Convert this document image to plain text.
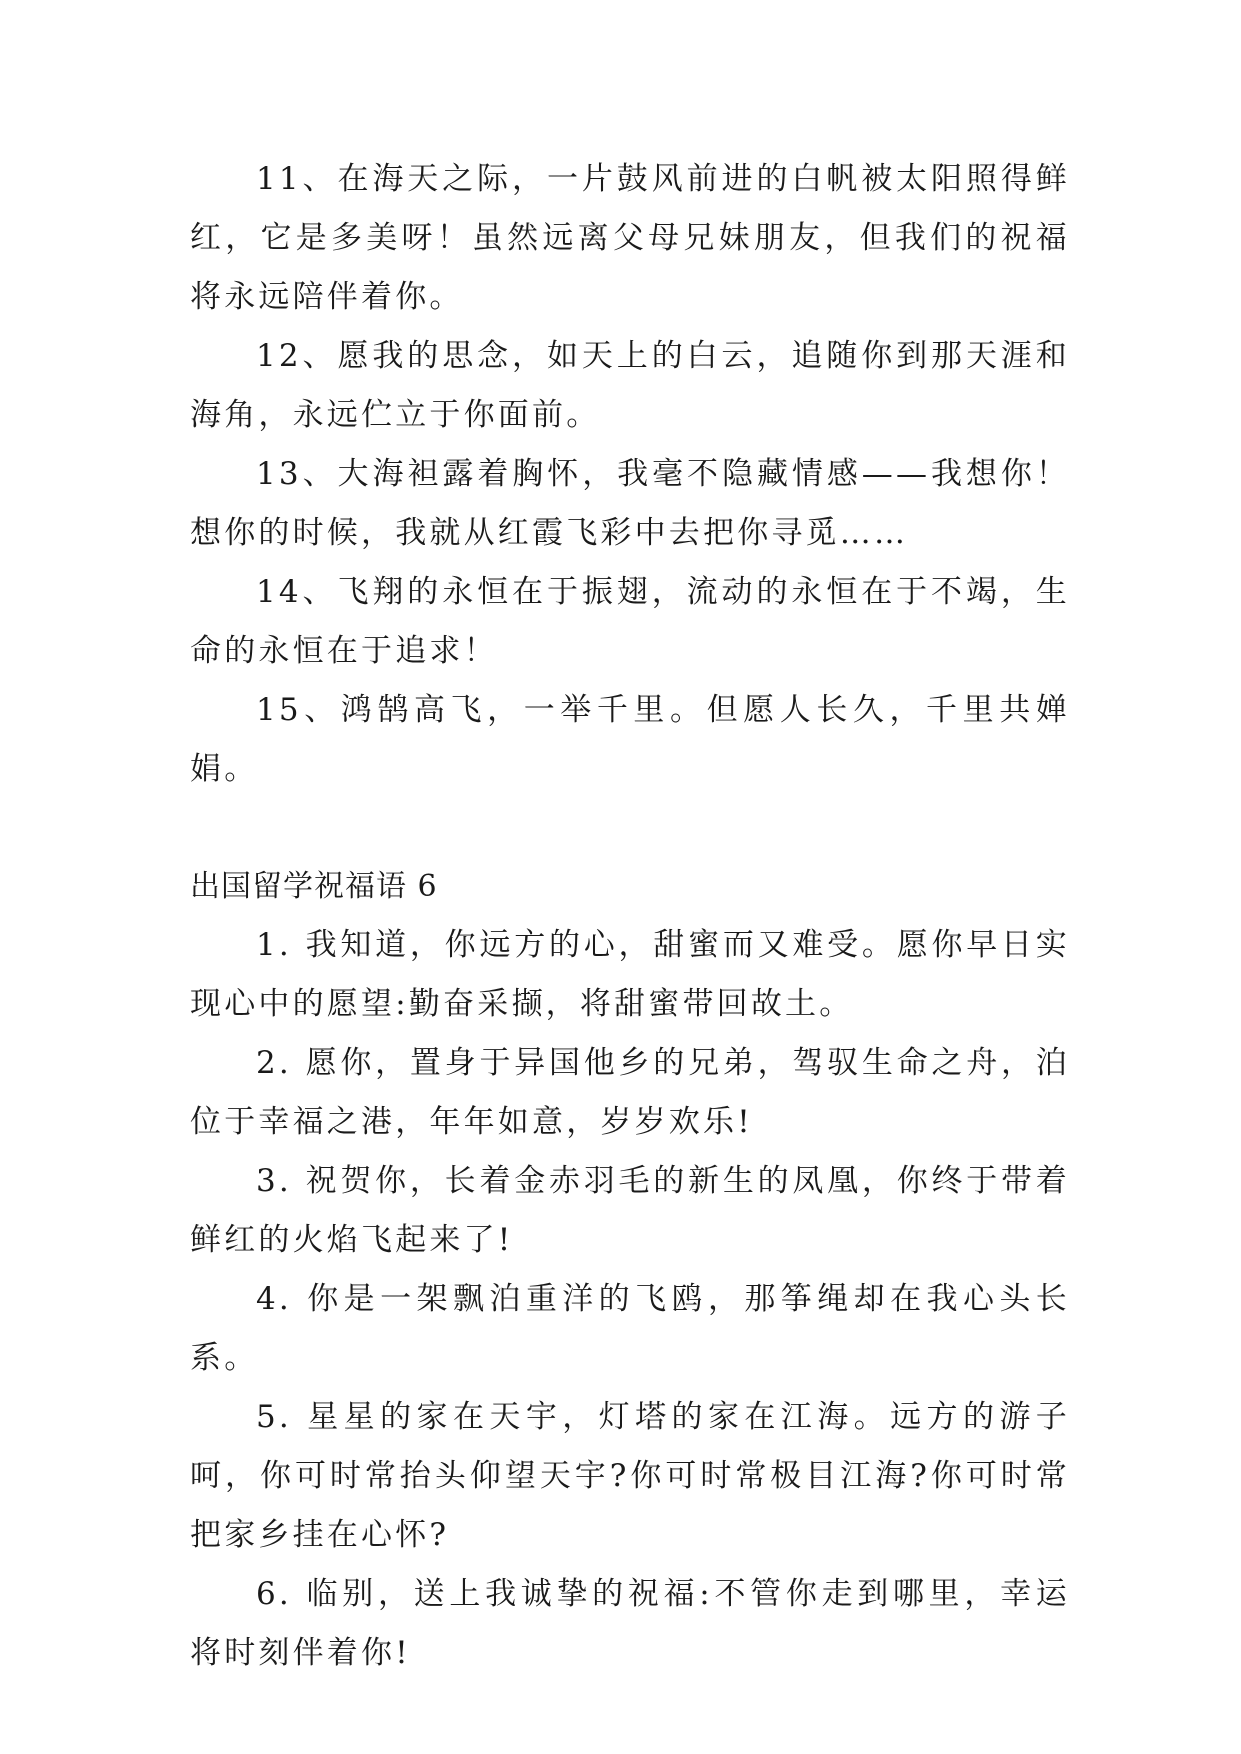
11、在海天之际，一片鼓风前进的白帆被太阳照得鲜红，它是多美呀！虽然远离父母兄妹朋友，但我们的祝福将永远陪伴着你。

12、愿我的思念，如天上的白云，追随你到那天涯和海角，永远伫立于你面前。

13、大海袒露着胸怀，我毫不隐藏情感——我想你！想你的时候，我就从红霞飞彩中去把你寻觅……

14、飞翔的永恒在于振翅，流动的永恒在于不竭，生命的永恒在于追求！

15、鸿鹄高飞，一举千里。但愿人长久，千里共婵娟。

出国留学祝福语 6

1. 我知道，你远方的心，甜蜜而又难受。愿你早日实现心中的愿望:勤奋采撷，将甜蜜带回故土。

2. 愿你，置身于异国他乡的兄弟，驾驭生命之舟，泊位于幸福之港，年年如意，岁岁欢乐!

3. 祝贺你，长着金赤羽毛的新生的凤凰，你终于带着鲜红的火焰飞起来了!

4. 你是一架飘泊重洋的飞鸥，那筝绳却在我心头长系。

5. 星星的家在天宇，灯塔的家在江海。远方的游子呵，你可时常抬头仰望天宇?你可时常极目江海?你可时常把家乡挂在心怀?

6. 临别，送上我诚挚的祝福:不管你走到哪里，幸运将时刻伴着你!
